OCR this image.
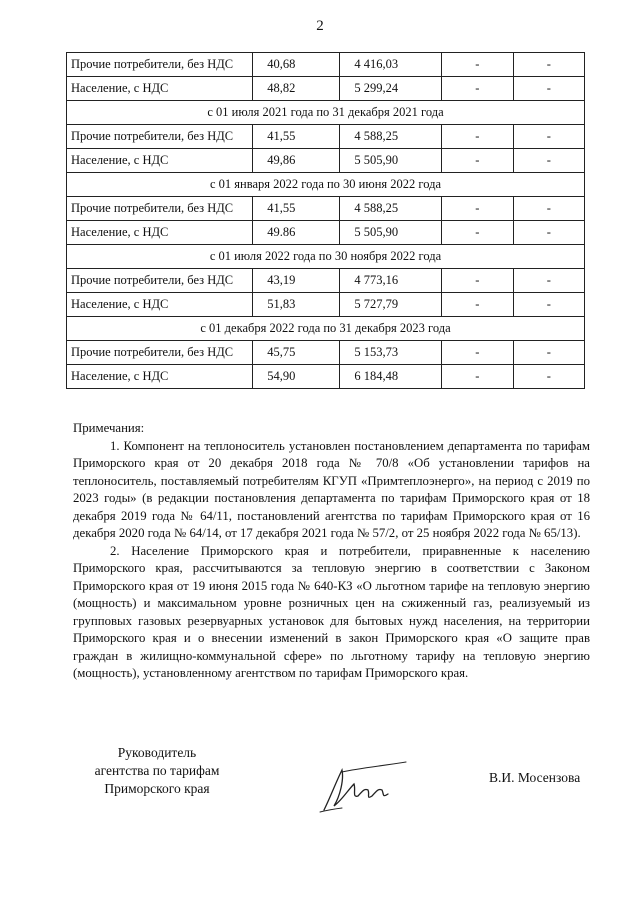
2
Прочие потребители, без НДС	40,68	4 416,03	-	-
Население, с НДС	48,82	5 299,24	-	-
с 01 июля 2021 года по 31 декабря 2021 года				
Прочие потребители, без НДС	41,55	4 588,25	-	-
Население, с НДС	49,86	5 505,90	-	-
с 01 января 2022 года по 30 июня 2022 года				
Прочие потребители, без НДС	41,55	4 588,25	-	-
Население, с НДС	49.86	5 505,90	-	-
с 01 июля 2022 года по 30 ноября 2022 года				
Прочие потребители, без НДС	43,19	4 773,16	-	-
Население, с НДС	51,83	5 727,79	-	-
с 01 декабря 2022 года по 31 декабря 2023 года				
Прочие потребители, без НДС	45,75	5 153,73	-	-
Население, с НДС	54,90	6 184,48	-	-

Примечания:

1. Компонент на теплоноситель установлен постановлением департамента по тарифам Приморского края от 20 декабря 2018 года № 70/8 «Об установлении тарифов на теплоноситель, поставляемый потребителям КГУП «Примтеплоэнерго», на период с 2019 по 2023 годы» (в редакции постановления департамента по тарифам Приморского края от 18 декабря 2019 года № 64/11, постановлений агентства по тарифам Приморского края от 16 декабря 2020 года № 64/14, от 17 декабря 2021 года № 57/2, от 25 ноября 2022 года № 65/13).

2. Население Приморского края и потребители, приравненные к населению Приморского края, рассчитываются за тепловую энергию в соответствии с Законом Приморского края от 19 июня 2015 года № 640-КЗ «О льготном тарифе на тепловую энергию (мощность) и максимальном уровне розничных цен на сжиженный газ, реализуемый из групповых газовых резервуарных установок для бытовых нужд населения, на территории Приморского края и о внесении изменений в закон Приморского края «О защите прав граждан в жилищно-коммунальной сфере» по льготному тарифу на тепловую энергию (мощность), установленному агентством по тарифам Приморского края.

Руководитель
агентства по тарифам
Приморского края
В.И. Мосензова
